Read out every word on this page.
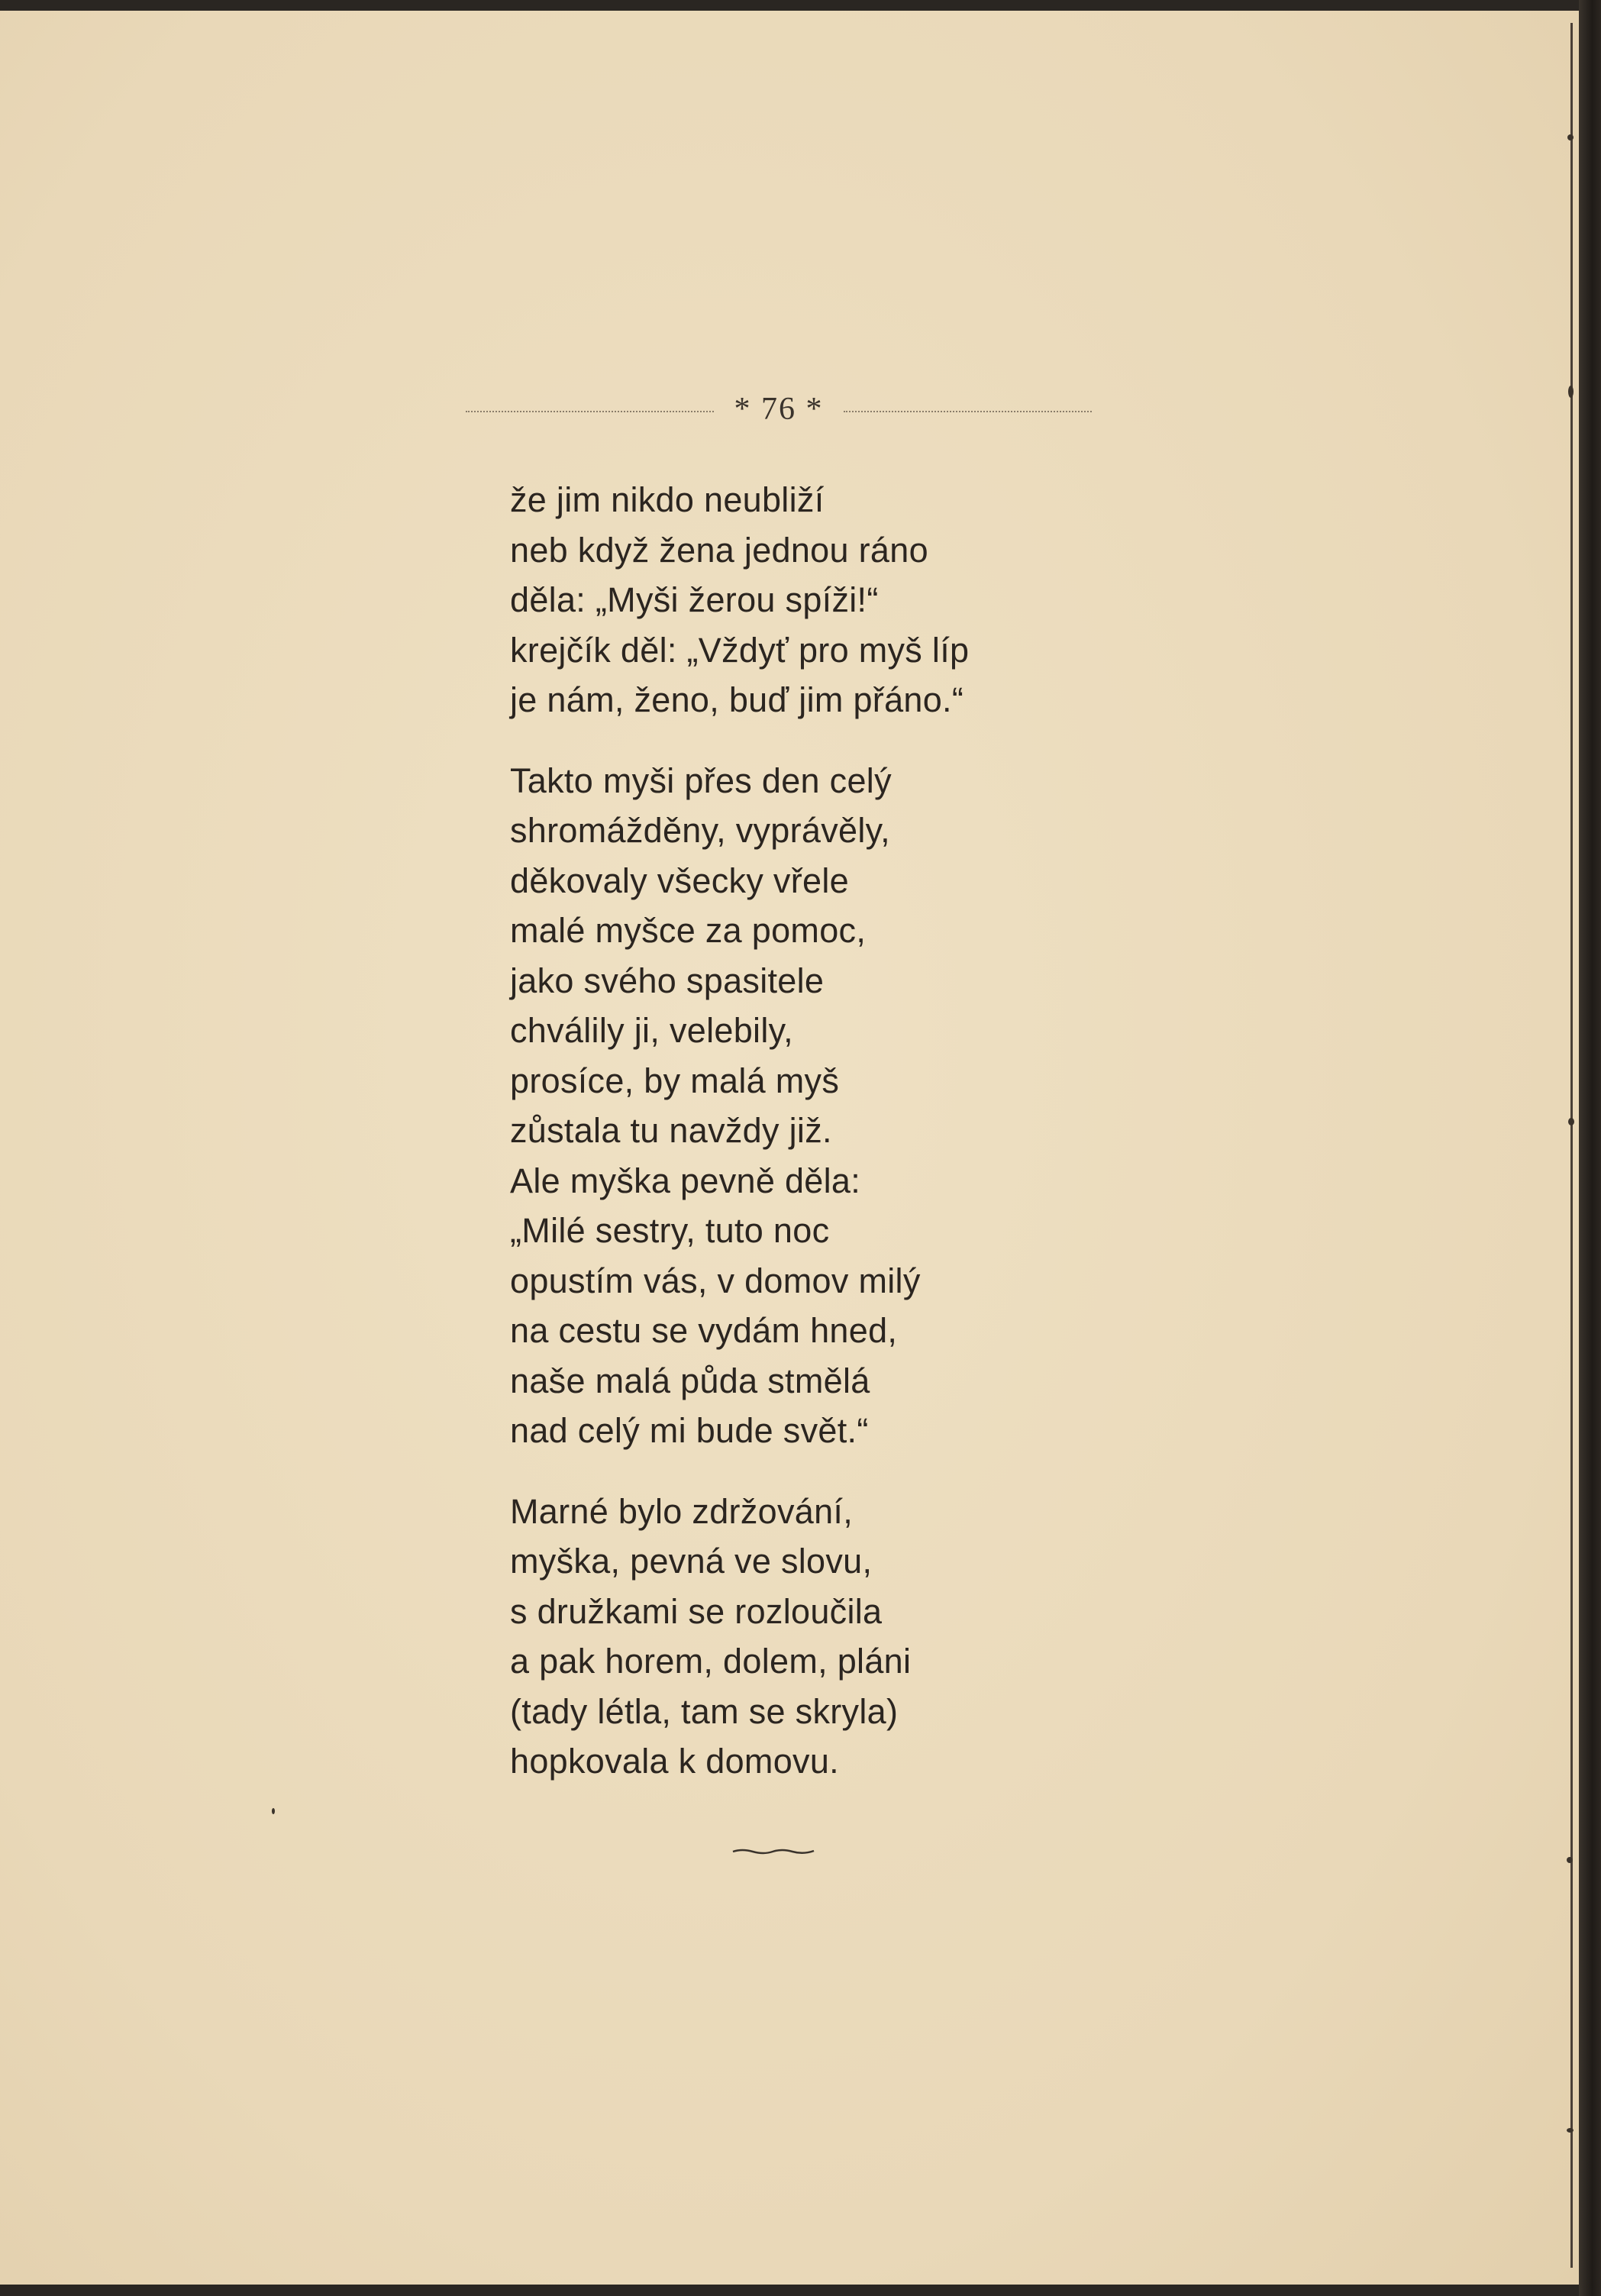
* 76 *
že jim nikdo neubliží
neb když žena jednou ráno
děla: „Myši žerou spíži!“
krejčík děl: „Vždyť pro myš líp
je nám, ženo, buď jim přáno.“
Takto myši přes den celý
shromážděny, vyprávěly,
děkovaly všecky vřele
malé myšce za pomoc,
jako svého spasitele
chválily ji, velebily,
prosíce, by malá myš
zůstala tu navždy již.
Ale myška pevně děla:
„Milé sestry, tuto noc
opustím vás, v domov milý
na cestu se vydám hned,
naše malá půda stmělá
nad celý mi bude svět.“
Marné bylo zdržování,
myška, pevná ve slovu,
s družkami se rozloučila
a pak horem, dolem, pláni
(tady létla, tam se skryla)
hopkovala k domovu.
